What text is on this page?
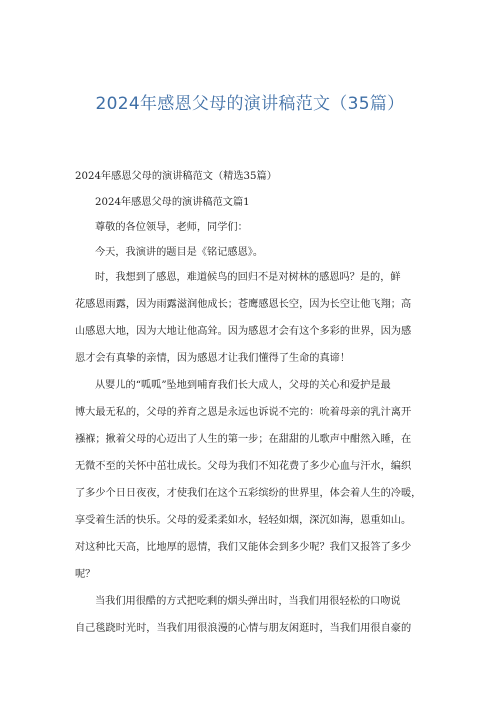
2024年感恩父母的演讲稿范文（35篇）
2024年感恩父母的演讲稿范文（精选35篇）
2024年感恩父母的演讲稿范文篇1
尊敬的各位领导，老师，同学们：
今天，我演讲的题目是《铭记感恩》。
时，我想到了感恩，难道候鸟的回归不是对树林的感恩吗？是的，鲜
花感恩雨露，因为雨露滋润他成长；苍鹰感恩长空，因为长空让他飞翔；高
山感恩大地，因为大地让他高耸。因为感恩才会有这个多彩的世界，因为感
恩才会有真挚的亲情，因为感恩才让我们懂得了生命的真谛！
从婴儿的“呱呱”坠地到哺育我们长大成人，父母的关心和爱护是最
博大最无私的，父母的养育之恩是永远也诉说不完的：吮着母亲的乳汁离开
襁褓；揪着父母的心迈出了人生的第一步；在甜甜的儿歌声中酣然入睡，在
无微不至的关怀中茁壮成长。父母为我们不知花费了多少心血与汗水，编织
了多少个日日夜夜，才使我们在这个五彩缤纷的世界里，体会着人生的冷暖，
享受着生活的快乐。父母的爱柔柔如水，轻轻如烟，深沉如海，恩重如山。
对这种比天高，比地厚的恩情，我们又能体会到多少呢？我们又报答了多少
呢？
当我们用很酷的方式把吃剩的烟头弹出时，当我们用很轻松的口吻说
自己毯跷时光时，当我们用很浪漫的心情与朋友闲逛时，当我们用很自豪的
